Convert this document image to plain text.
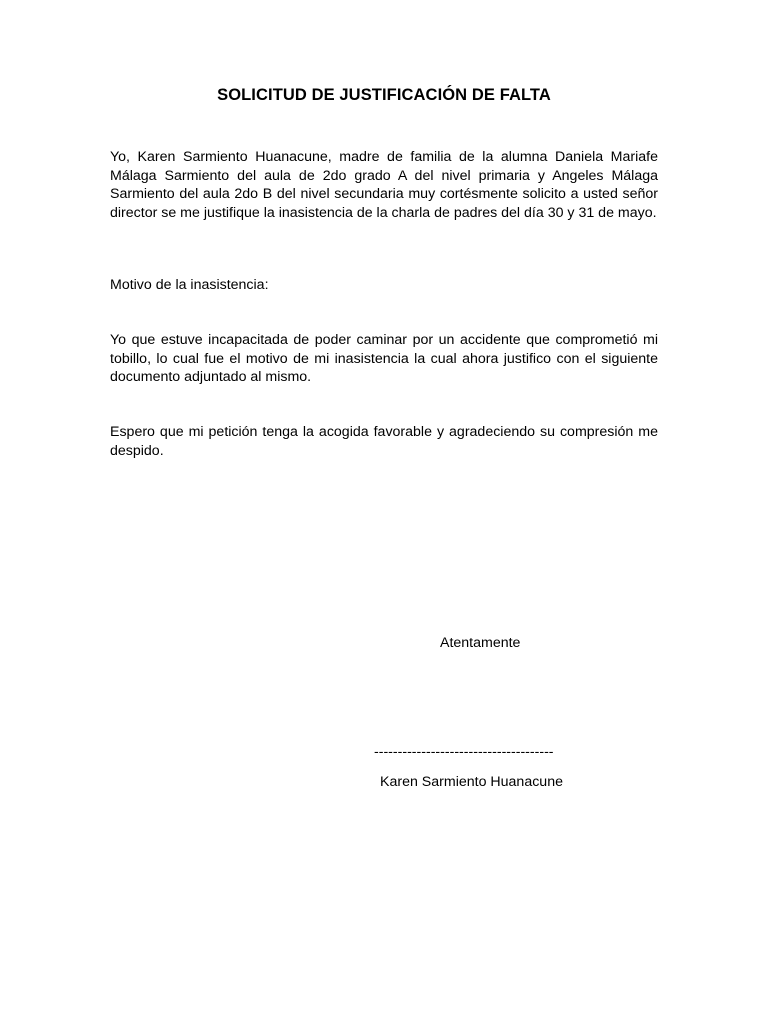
SOLICITUD DE JUSTIFICACIÓN DE FALTA

Yo, Karen Sarmiento Huanacune, madre de familia de la alumna Daniela Mariafe Málaga Sarmiento del aula de 2do grado A del nivel primaria y Angeles Málaga Sarmiento del aula 2do B del nivel secundaria muy cortésmente solicito a usted señor director se me justifique la inasistencia de la charla de padres del día 30 y 31 de mayo.

Motivo de la inasistencia:

Yo que estuve incapacitada de poder caminar por un accidente que comprometió mi tobillo, lo cual fue el motivo de mi inasistencia la cual ahora justifico con el siguiente documento adjuntado al mismo.

Espero que mi petición tenga la acogida favorable y agradeciendo su compresión me despido.

Atentamente
--------------------------------------
Karen Sarmiento Huanacune
